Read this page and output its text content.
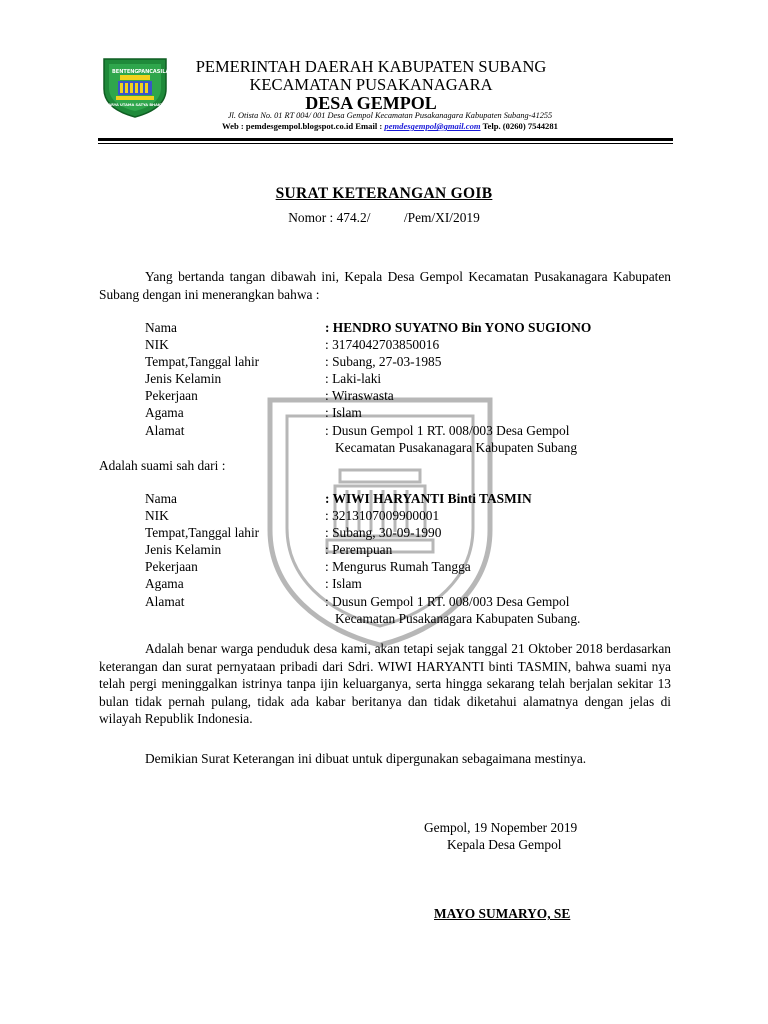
BENTENG PANCASILA
KARYA UTAMA SATYA BHAKTI
PEMERINTAH DAERAH KABUPATEN SUBANG
KECAMATAN PUSAKANAGARA
DESA GEMPOL
Jl. Otista No. 01 RT 004/ 001 Desa Gempol Kecamatan Pusakanagara Kabupaten Subang-41255
Web : pemdesgempol.blogspot.co.id Email : pemdesgempol@gmail.com Telp. (0260) 7544281
SURAT KETERANGAN GOIB
Nomor : 474.2/          /Pem/XI/2019
Yang bertanda tangan dibawah ini, Kepala Desa Gempol Kecamatan Pusakanagara Kabupaten Subang dengan ini menerangkan bahwa :
Nama	: HENDRO SUYATNO Bin YONO SUGIONO
NIK	: 3174042703850016
Tempat,Tanggal lahir	: Subang, 27-03-1985
Jenis Kelamin	: Laki-laki
Pekerjaan	: Wiraswasta
Agama	: Islam
Alamat	: Dusun Gempol 1 RT. 008/003 Desa Gempol
Kecamatan Pusakanagara Kabupaten Subang
Adalah suami sah dari :
Nama	: WIWI HARYANTI Binti TASMIN
NIK	: 3213107009900001
Tempat,Tanggal lahir	: Subang, 30-09-1990
Jenis Kelamin	: Perempuan
Pekerjaan	: Mengurus Rumah Tangga
Agama	: Islam
Alamat	: Dusun Gempol 1 RT. 008/003 Desa Gempol
Kecamatan Pusakanagara Kabupaten Subang.
Adalah benar warga penduduk desa kami, akan tetapi sejak tanggal 21 Oktober 2018 berdasarkan keterangan dan surat pernyataan pribadi dari Sdri. WIWI HARYANTI binti TASMIN, bahwa suami nya telah pergi meninggalkan istrinya tanpa ijin keluarganya, serta hingga sekarang telah berjalan sekitar 13 bulan tidak pernah pulang, tidak ada kabar beritanya dan tidak diketahui alamatnya dengan jelas di wilayah Republik Indonesia.
Demikian Surat Keterangan ini dibuat untuk dipergunakan sebagaimana mestinya.
Gempol, 19 Nopember 2019
Kepala Desa Gempol
MAYO SUMARYO, SE
